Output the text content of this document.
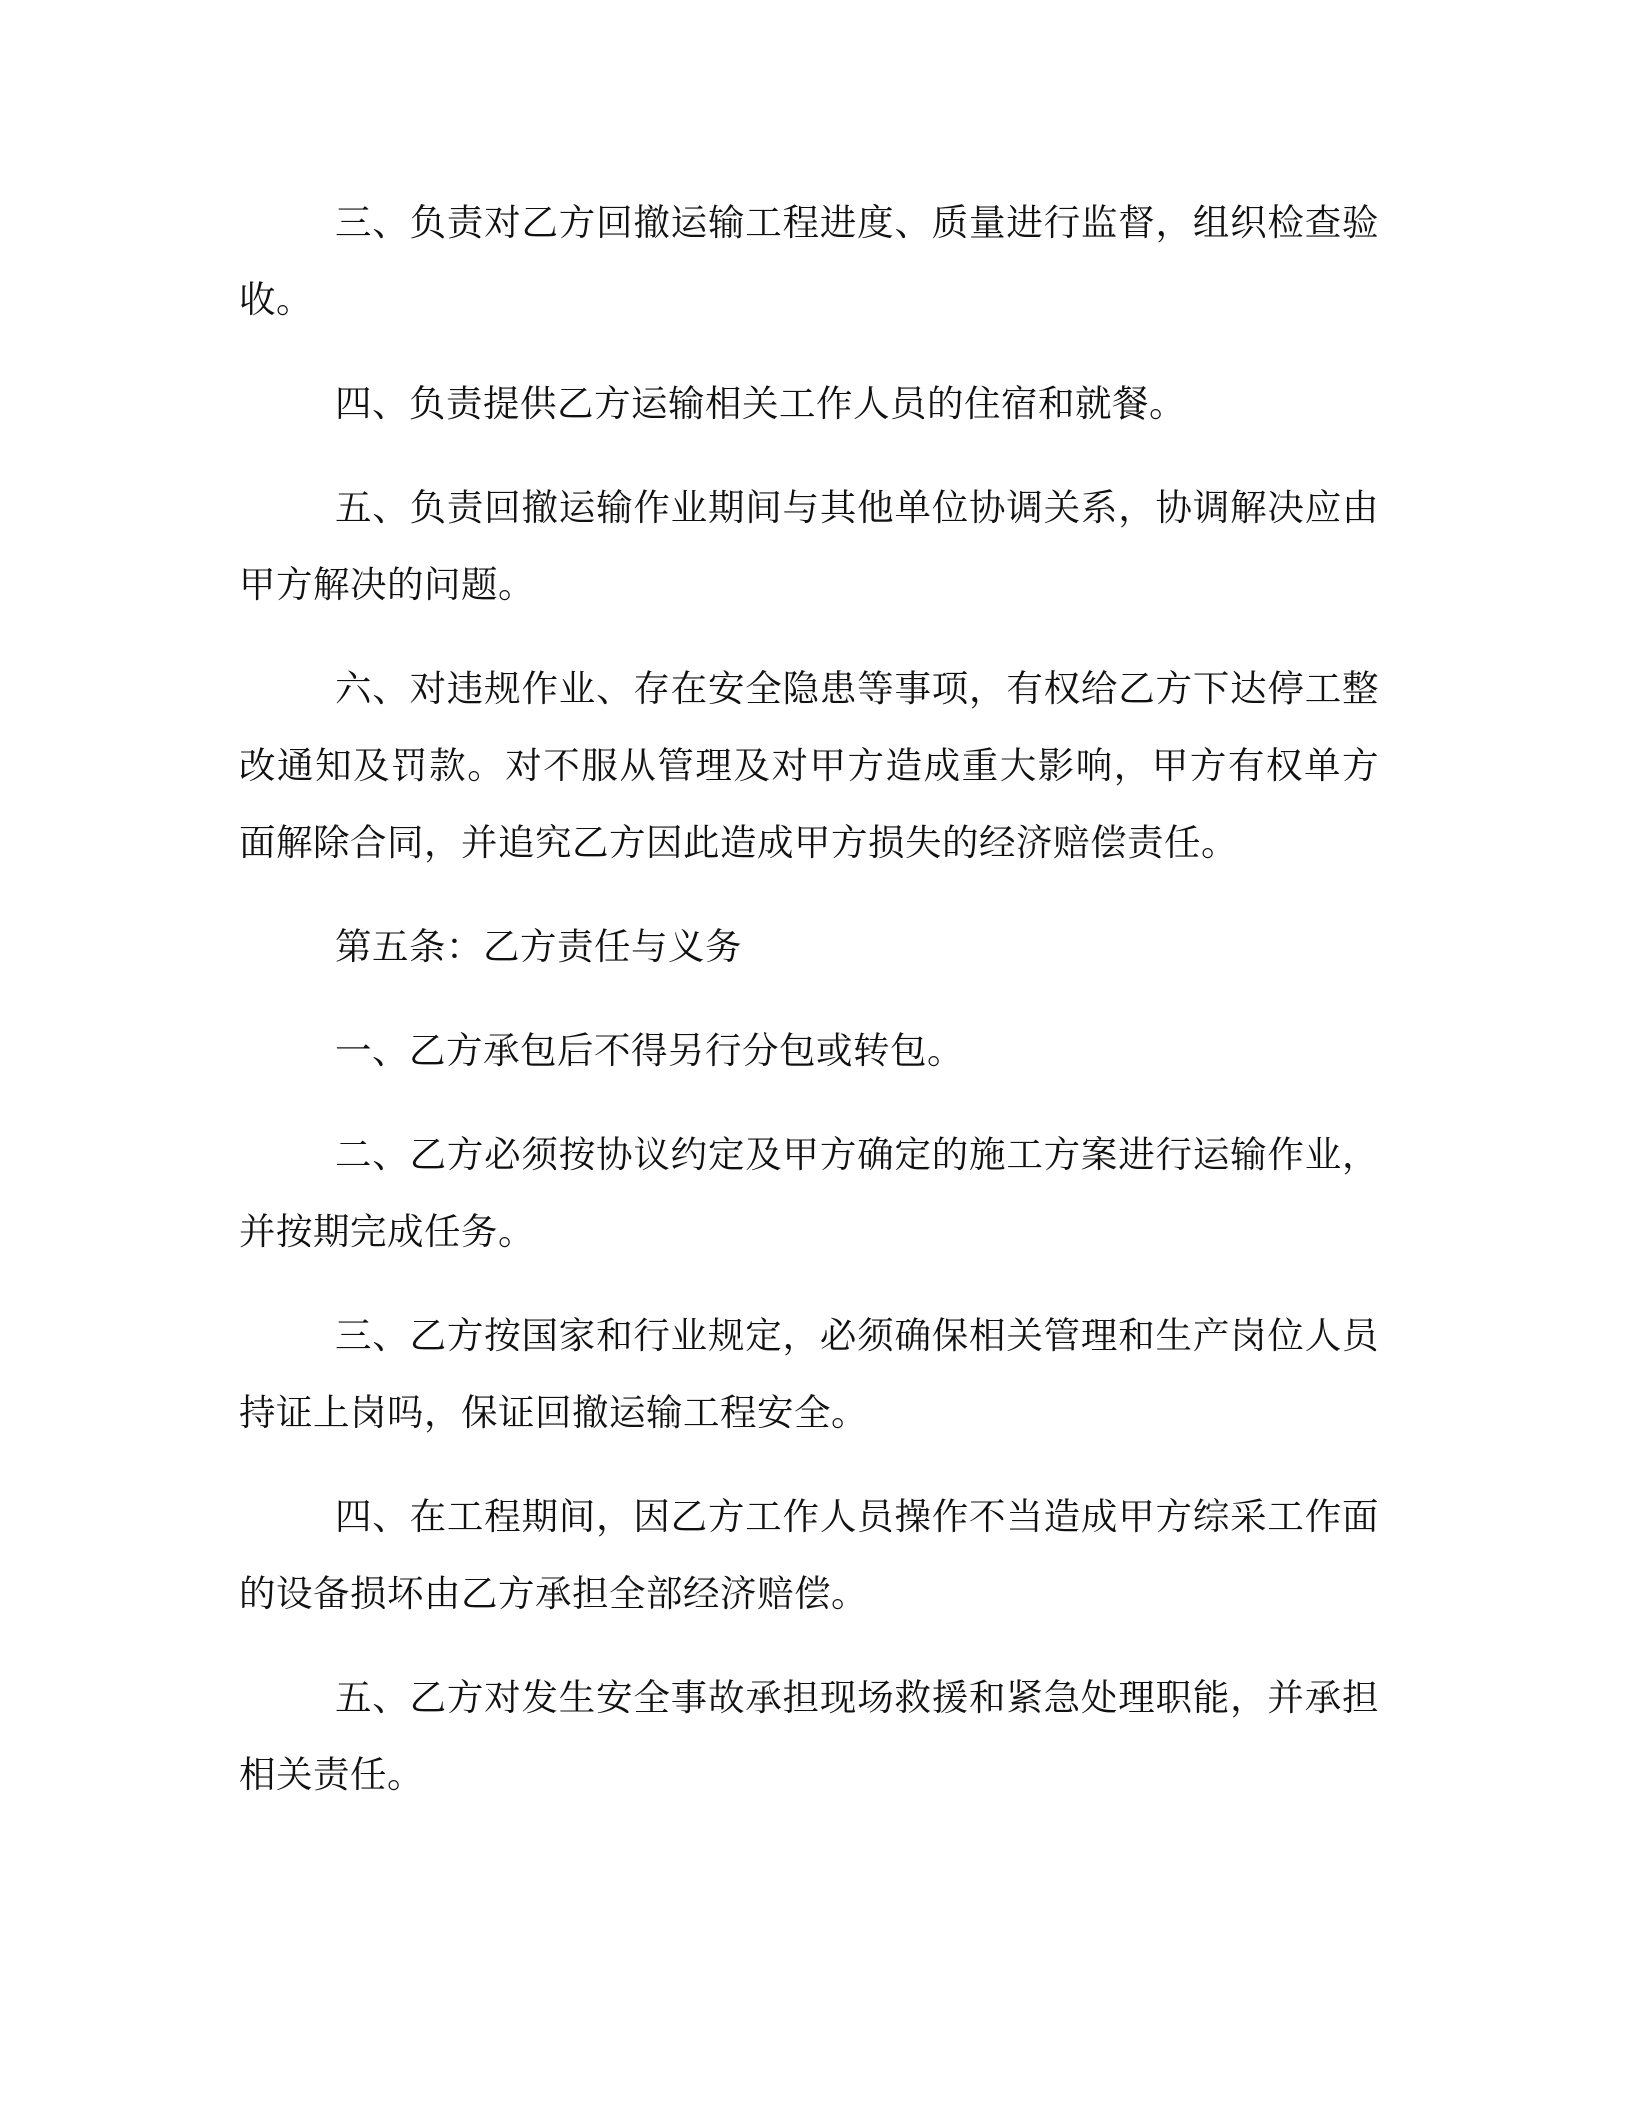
三、负责对乙方回撤运输工程进度、质量进行监督，组织检查验收。

四、负责提供乙方运输相关工作人员的住宿和就餐。

五、负责回撤运输作业期间与其他单位协调关系，协调解决应由甲方解决的问题。

六、对违规作业、存在安全隐患等事项，有权给乙方下达停工整改通知及罚款。对不服从管理及对甲方造成重大影响，甲方有权单方面解除合同，并追究乙方因此造成甲方损失的经济赔偿责任。

第五条：乙方责任与义务

一、乙方承包后不得另行分包或转包。

二、乙方必须按协议约定及甲方确定的施工方案进行运输作业，并按期完成任务。

三、乙方按国家和行业规定，必须确保相关管理和生产岗位人员持证上岗吗，保证回撤运输工程安全。

四、在工程期间，因乙方工作人员操作不当造成甲方综采工作面的设备损坏由乙方承担全部经济赔偿。

五、乙方对发生安全事故承担现场救援和紧急处理职能，并承担相关责任。
